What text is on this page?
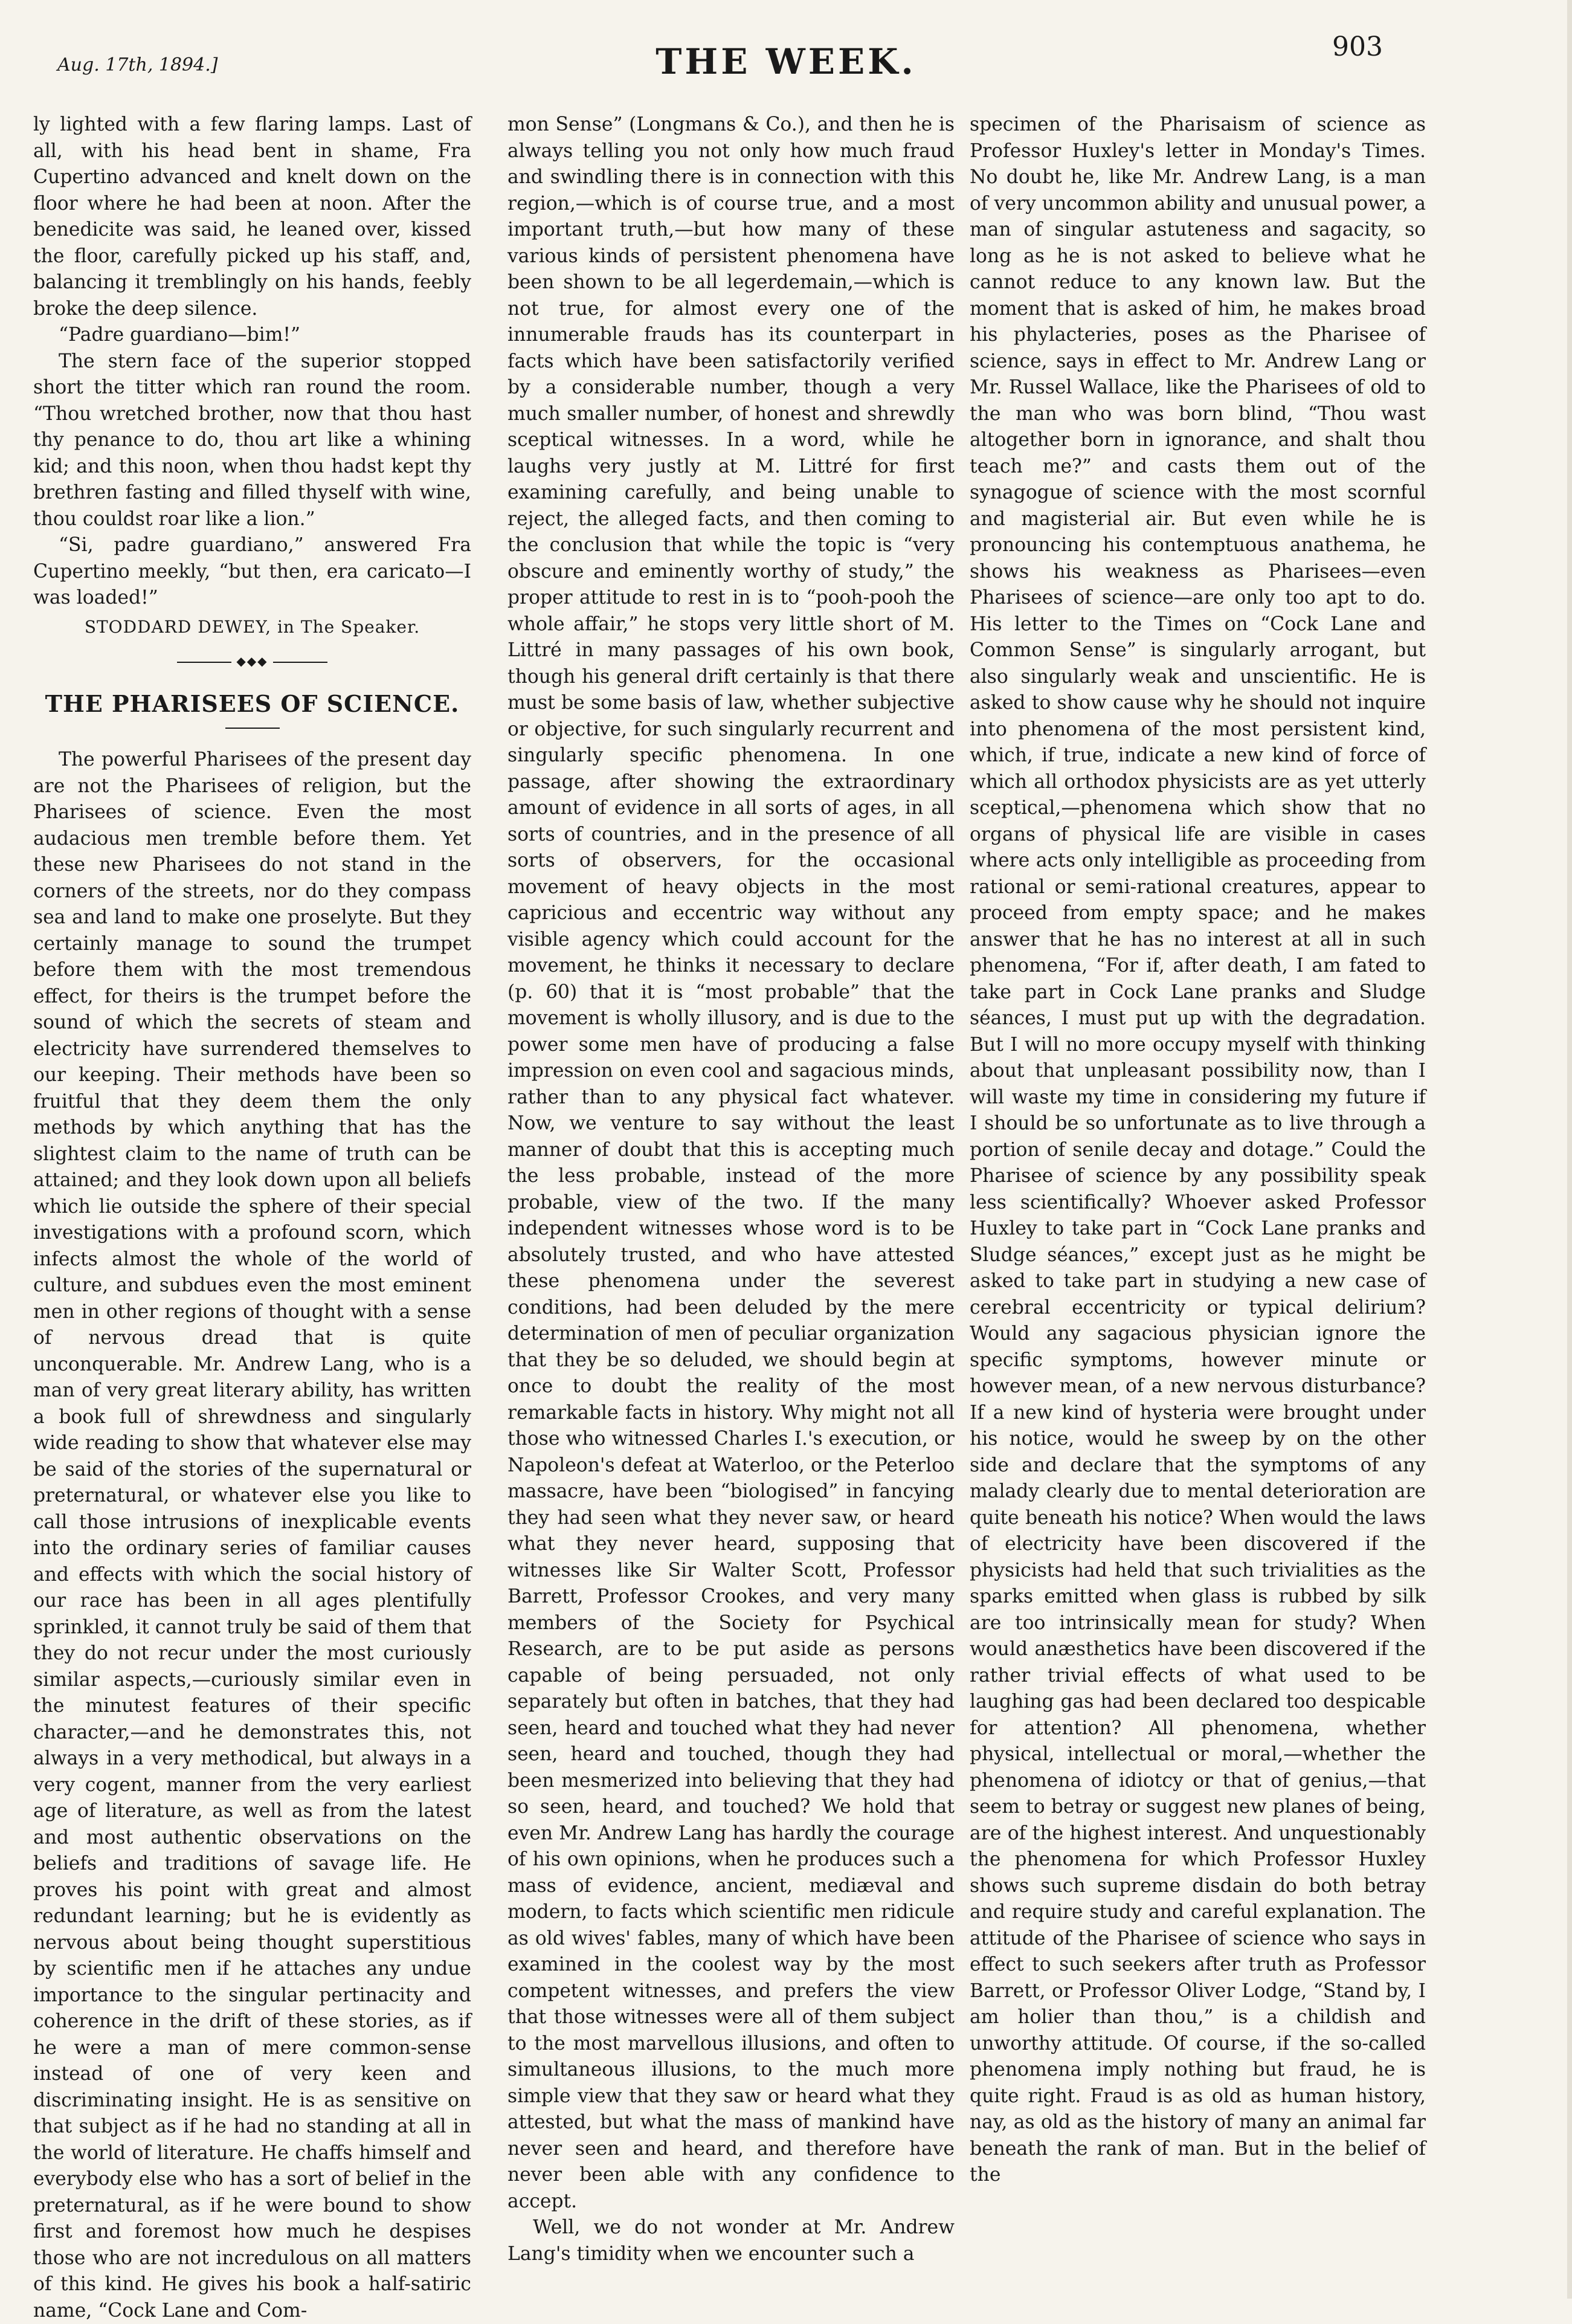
Aug. 17th, 1894.]	THE WEEK.	903

ly lighted with a few flaring lamps. Last of all, with his head bent in shame, Fra Cupertino advanced and knelt down on the floor where he had been at noon. After the benedicite was said, he leaned over, kissed the floor, carefully picked up his staff, and, balancing it tremblingly on his hands, feebly broke the deep silence.

“Padre guardiano—bim!”

The stern face of the superior stopped short the titter which ran round the room. “Thou wretched brother, now that thou hast thy penance to do, thou art like a whining kid; and this noon, when thou hadst kept thy brethren fasting and filled thyself with wine, thou couldst roar like a lion.”

“Si, padre guardiano,” answered Fra Cupertino meekly, “but then, era caricato—I was loaded!”

STODDARD DEWEY, in The Speaker.

◆◆◆

THE PHARISEES OF SCIENCE.

The powerful Pharisees of the present day are not the Pharisees of religion, but the Pharisees of science. Even the most audacious men tremble before them. Yet these new Pharisees do not stand in the corners of the streets, nor do they compass sea and land to make one proselyte. But they certainly manage to sound the trumpet before them with the most tremendous effect, for theirs is the trumpet before the sound of which the secrets of steam and electricity have surrendered themselves to our keeping. Their methods have been so fruitful that they deem them the only methods by which anything that has the slightest claim to the name of truth can be attained; and they look down upon all beliefs which lie outside the sphere of their special investigations with a profound scorn, which infects almost the whole of the world of culture, and subdues even the most eminent men in other regions of thought with a sense of nervous dread that is quite unconquerable. Mr. Andrew Lang, who is a man of very great literary ability, has written a book full of shrewdness and singularly wide reading to show that whatever else may be said of the stories of the supernatural or preternatural, or whatever else you like to call those intrusions of inexplicable events into the ordinary series of familiar causes and effects with which the social history of our race has been in all ages plentifully sprinkled, it cannot truly be said of them that they do not recur under the most curiously similar aspects,—curiously similar even in the minutest features of their specific character,—and he demonstrates this, not always in a very methodical, but always in a very cogent, manner from the very earliest age of literature, as well as from the latest and most authentic observations on the beliefs and traditions of savage life. He proves his point with great and almost redundant learning; but he is evidently as nervous about being thought superstitious by scientific men if he attaches any undue importance to the singular pertinacity and coherence in the drift of these stories, as if he were a man of mere common-sense instead of one of very keen and discriminating insight. He is as sensitive on that subject as if he had no standing at all in the world of literature. He chaffs himself and everybody else who has a sort of belief in the preternatural, as if he were bound to show first and foremost how much he despises those who are not incredulous on all matters of this kind. He gives his book a half-satiric name, “Cock Lane and Com-

mon Sense” (Longmans & Co.), and then he is always telling you not only how much fraud and swindling there is in connection with this region,—which is of course true, and a most important truth,—but how many of these various kinds of persistent phenomena have been shown to be all legerdemain,—which is not true, for almost every one of the innumerable frauds has its counterpart in facts which have been satisfactorily verified by a considerable number, though a very much smaller number, of honest and shrewdly sceptical witnesses. In a word, while he laughs very justly at M. Littré for first examining carefully, and being unable to reject, the alleged facts, and then coming to the conclusion that while the topic is “very obscure and eminently worthy of study,” the proper attitude to rest in is to “pooh-pooh the whole affair,” he stops very little short of M. Littré in many passages of his own book, though his general drift certainly is that there must be some basis of law, whether subjective or objective, for such singularly recurrent and singularly specific phenomena. In one passage, after showing the extraordinary amount of evidence in all sorts of ages, in all sorts of countries, and in the presence of all sorts of observers, for the occasional movement of heavy objects in the most capricious and eccentric way without any visible agency which could account for the movement, he thinks it necessary to declare (p. 60) that it is “most probable” that the movement is wholly illusory, and is due to the power some men have of producing a false impression on even cool and sagacious minds, rather than to any physical fact whatever. Now, we venture to say without the least manner of doubt that this is accepting much the less probable, instead of the more probable, view of the two. If the many independent witnesses whose word is to be absolutely trusted, and who have attested these phenomena under the severest conditions, had been deluded by the mere determination of men of peculiar organization that they be so deluded, we should begin at once to doubt the reality of the most remarkable facts in history. Why might not all those who witnessed Charles I.'s execution, or Napoleon's defeat at Waterloo, or the Peterloo massacre, have been “biologised” in fancying they had seen what they never saw, or heard what they never heard, supposing that witnesses like Sir Walter Scott, Professor Barrett, Professor Crookes, and very many members of the Society for Psychical Research, are to be put aside as persons capable of being persuaded, not only separately but often in batches, that they had seen, heard and touched what they had never seen, heard and touched, though they had been mesmerized into believing that they had so seen, heard, and touched? We hold that even Mr. Andrew Lang has hardly the courage of his own opinions, when he produces such a mass of evidence, ancient, mediæval and modern, to facts which scientific men ridicule as old wives' fables, many of which have been examined in the coolest way by the most competent witnesses, and prefers the view that those witnesses were all of them subject to the most marvellous illusions, and often to simultaneous illusions, to the much more simple view that they saw or heard what they attested, but what the mass of mankind have never seen and heard, and therefore have never been able with any confidence to accept.

Well, we do not wonder at Mr. Andrew Lang's timidity when we encounter such a

specimen of the Pharisaism of science as Professor Huxley's letter in Monday's Times. No doubt he, like Mr. Andrew Lang, is a man of very uncommon ability and unusual power, a man of singular astuteness and sagacity, so long as he is not asked to believe what he cannot reduce to any known law. But the moment that is asked of him, he makes broad his phylacteries, poses as the Pharisee of science, says in effect to Mr. Andrew Lang or Mr. Russel Wallace, like the Pharisees of old to the man who was born blind, “Thou wast altogether born in ignorance, and shalt thou teach me?” and casts them out of the synagogue of science with the most scornful and magisterial air. But even while he is pronouncing his contemptuous anathema, he shows his weakness as Pharisees—even Pharisees of science—are only too apt to do. His letter to the Times on “Cock Lane and Common Sense” is singularly arrogant, but also singularly weak and unscientific. He is asked to show cause why he should not inquire into phenomena of the most persistent kind, which, if true, indicate a new kind of force of which all orthodox physicists are as yet utterly sceptical,—phenomena which show that no organs of physical life are visible in cases where acts only intelligible as proceeding from rational or semi-rational creatures, appear to proceed from empty space; and he makes answer that he has no interest at all in such phenomena, “For if, after death, I am fated to take part in Cock Lane pranks and Sludge séances, I must put up with the degradation. But I will no more occupy myself with thinking about that unpleasant possibility now, than I will waste my time in considering my future if I should be so unfortunate as to live through a portion of senile decay and dotage.” Could the Pharisee of science by any possibility speak less scientifically? Whoever asked Professor Huxley to take part in “Cock Lane pranks and Sludge séances,” except just as he might be asked to take part in studying a new case of cerebral eccentricity or typical delirium? Would any sagacious physician ignore the specific symptoms, however minute or however mean, of a new nervous disturbance? If a new kind of hysteria were brought under his notice, would he sweep by on the other side and declare that the symptoms of any malady clearly due to mental deterioration are quite beneath his notice? When would the laws of electricity have been discovered if the physicists had held that such trivialities as the sparks emitted when glass is rubbed by silk are too intrinsically mean for study? When would anæsthetics have been discovered if the rather trivial effects of what used to be laughing gas had been declared too despicable for attention? All phenomena, whether physical, intellectual or moral,—whether the phenomena of idiotcy or that of genius,—that seem to betray or suggest new planes of being, are of the highest interest. And unquestionably the phenomena for which Professor Huxley shows such supreme disdain do both betray and require study and careful explanation. The attitude of the Pharisee of science who says in effect to such seekers after truth as Professor Barrett, or Professor Oliver Lodge, “Stand by, I am holier than thou,” is a childish and unworthy attitude. Of course, if the so-called phenomena imply nothing but fraud, he is quite right. Fraud is as old as human history, nay, as old as the history of many an animal far beneath the rank of man. But in the belief of the
